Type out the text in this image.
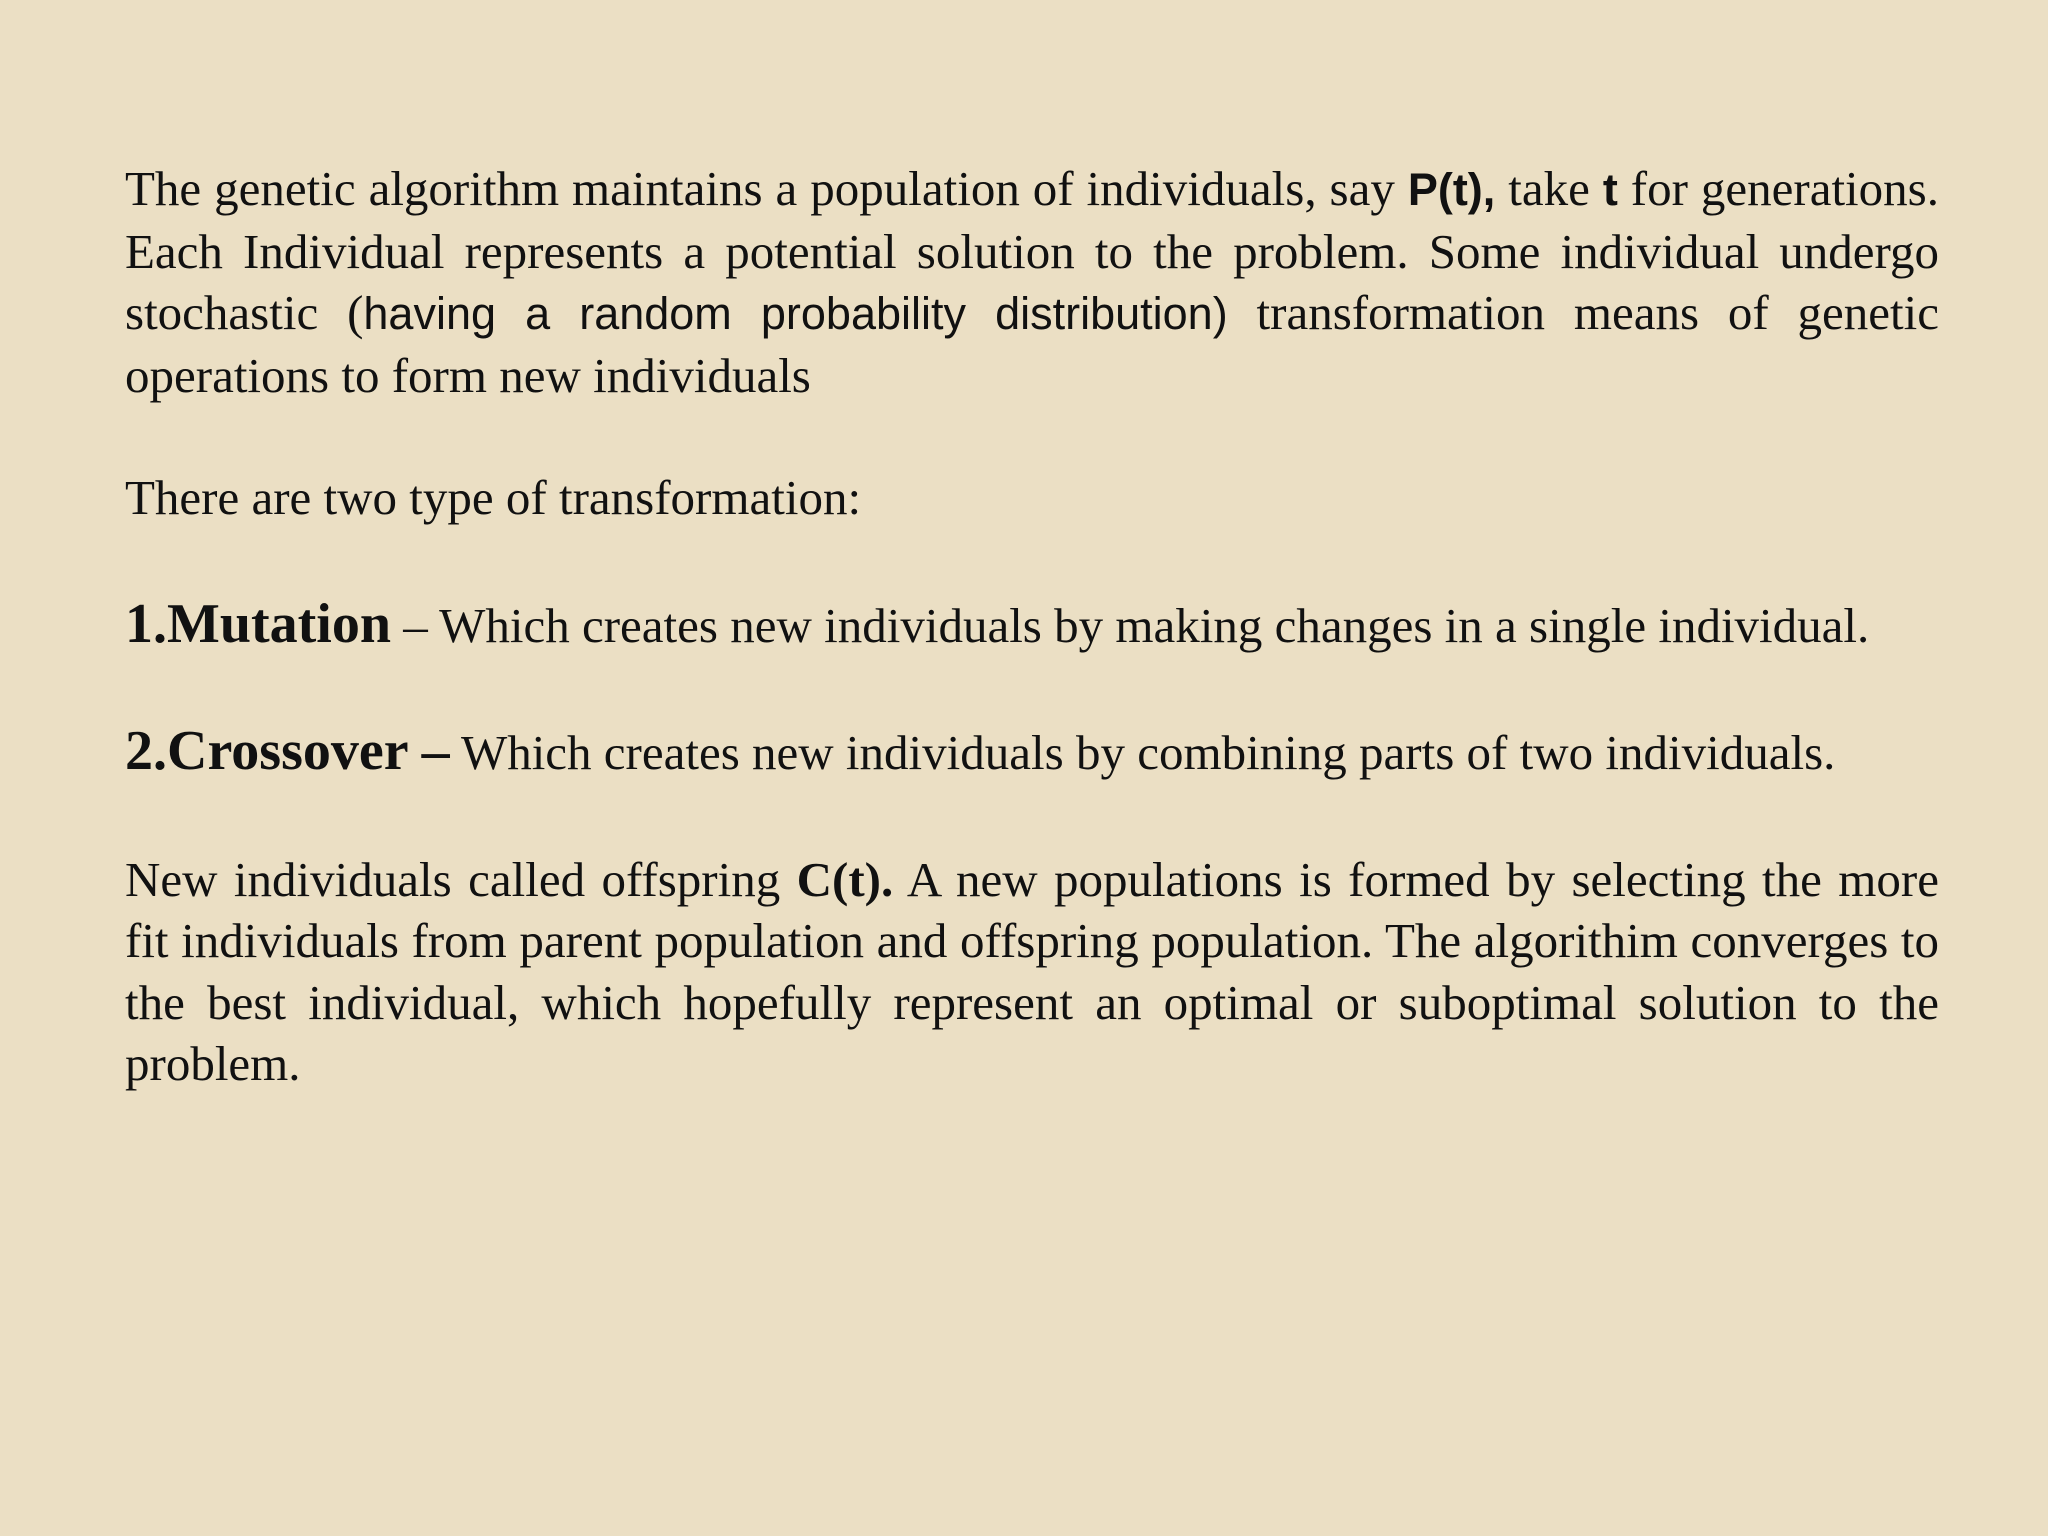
The genetic algorithm maintains a population of individuals, say P(t), take t for generations. Each Individual represents a potential solution to the problem. Some individual undergo stochastic (having a random probability distribution) transformation means of genetic operations to form new individuals

There are two type of transformation:

1.Mutation – Which creates new individuals by making changes in a single individual.

2.Crossover – Which creates new individuals by combining parts of two individuals.

New individuals called offspring C(t). A new populations is formed by selecting the more fit individuals from parent population and offspring population. The algorithim converges to the best individual, which hopefully represent an optimal or suboptimal solution to the problem.
